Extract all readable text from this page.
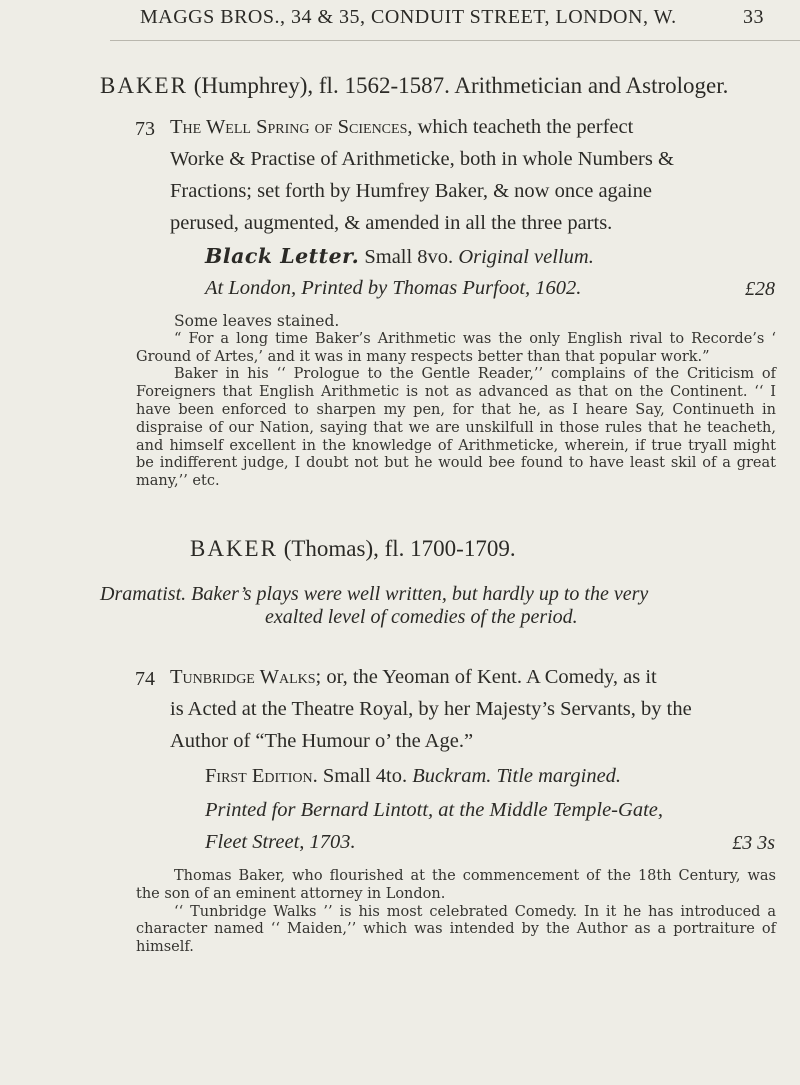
MAGGS BROS., 34 & 35, CONDUIT STREET, LONDON, W.	33
BAKER (Humphrey), fl. 1562-1587. Arithmetician and Astrologer.
73 The Well Spring of Sciences, which teacheth the perfect
Worke & Practise of Arithmeticke, both in whole Numbers &
Fractions; set forth by Humfrey Baker, & now once againe
perused, augmented, & amended in all the three parts.
Black Letter. Small 8vo. Original vellum.
At London, Printed by Thomas Purfoot, 1602.	£28

Some leaves stained.

“ For a long time Baker’s Arithmetic was the only English rival to Recorde’s ‘ Ground of Artes,’ and it was in many respects better than that popular work.”

Baker in his ‘‘ Prologue to the Gentle Reader,’’ complains of the Criticism of Foreigners that English Arithmetic is not as advanced as that on the Continent. ‘‘ I have been enforced to sharpen my pen, for that he, as I heare Say, Continueth in dispraise of our Nation, saying that we are unskilfull in those rules that he teacheth, and himself excellent in the knowledge of Arithmeticke, wherein, if true tryall might be indifferent judge, I doubt not but he would bee found to have least skil of a great many,’’ etc.

BAKER (Thomas), fl. 1700-1709.
Dramatist. Baker’s plays were well written, but hardly up to the very
exalted level of comedies of the period.
74 Tunbridge Walks; or, the Yeoman of Kent. A Comedy, as it
is Acted at the Theatre Royal, by her Majesty’s Servants, by the
Author of “The Humour o’ the Age.”
First Edition. Small 4to. Buckram. Title margined.
Printed for Bernard Lintott, at the Middle Temple-Gate,
Fleet Street, 1703.	£3 3s

Thomas Baker, who flourished at the commencement of the 18th Century, was the son of an eminent attorney in London.

‘‘ Tunbridge Walks ’’ is his most celebrated Comedy. In it he has introduced a character named ‘‘ Maiden,’’ which was intended by the Author as a portraiture of himself.
